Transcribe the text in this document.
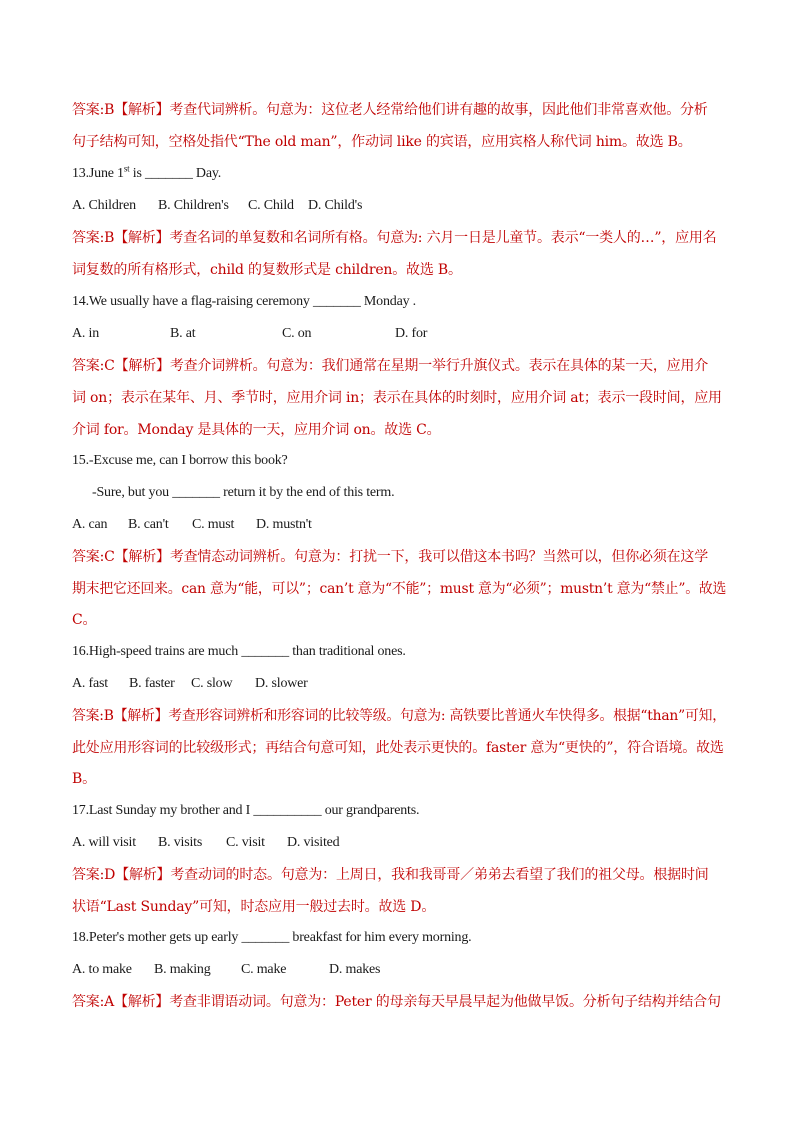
答案:B【解析】考查代词辨析。句意为：这位老人经常给他们讲有趣的故事，因此他们非常喜欢他。分析
句子结构可知，空格处指代“The old man”，作动词 like 的宾语，应用宾格人称代词 him。故选 B。
13.June 1st is _______ Day.
A. Children B. Children's C. Child D. Child's
答案:B【解析】考查名词的单复数和名词所有格。句意为: 六月一日是儿童节。表示“一类人的…”，应用名
词复数的所有格形式，child 的复数形式是 children。故选 B。
14.We usually have a flag-raising ceremony _______ Monday .
A. in	B. at	C. on	D. for
答案:C【解析】考查介词辨析。句意为：我们通常在星期一举行升旗仪式。表示在具体的某一天，应用介
词 on；表示在某年、月、季节时，应用介词 in；表示在具体的时刻时，应用介词 at；表示一段时间，应用
介词 for。Monday 是具体的一天，应用介词 on。故选 C。
15.-Excuse me, can I borrow this book?
-Sure, but you _______ return it by the end of this term.
A. can B. can't C. must D. mustn't
答案:C【解析】考查情态动词辨析。句意为：打扰一下，我可以借这本书吗？当然可以，但你必须在这学
期末把它还回来。can 意为“能，可以”；can’t 意为“不能”；must 意为“必须”；mustn’t 意为“禁止”。故选
C。
16.High-speed trains are much _______ than traditional ones.
A. fast B. faster C. slow D. slower
答案:B【解析】考查形容词辨析和形容词的比较等级。句意为: 高铁要比普通火车快得多。根据“than”可知，
此处应用形容词的比较级形式；再结合句意可知，此处表示更快的。faster 意为“更快的”，符合语境。故选
B。
17.Last Sunday my brother and I __________ our grandparents.
A. will visit B. visits C. visit D. visited
答案:D【解析】考查动词的时态。句意为：上周日，我和我哥哥／弟弟去看望了我们的祖父母。根据时间
状语“Last Sunday”可知，时态应用一般过去时。故选 D。
18.Peter's mother gets up early _______ breakfast for him every morning.
A. to make B. making C. make	D. makes
答案:A【解析】考查非谓语动词。句意为：Peter 的母亲每天早晨早起为他做早饭。分析句子结构并结合句
